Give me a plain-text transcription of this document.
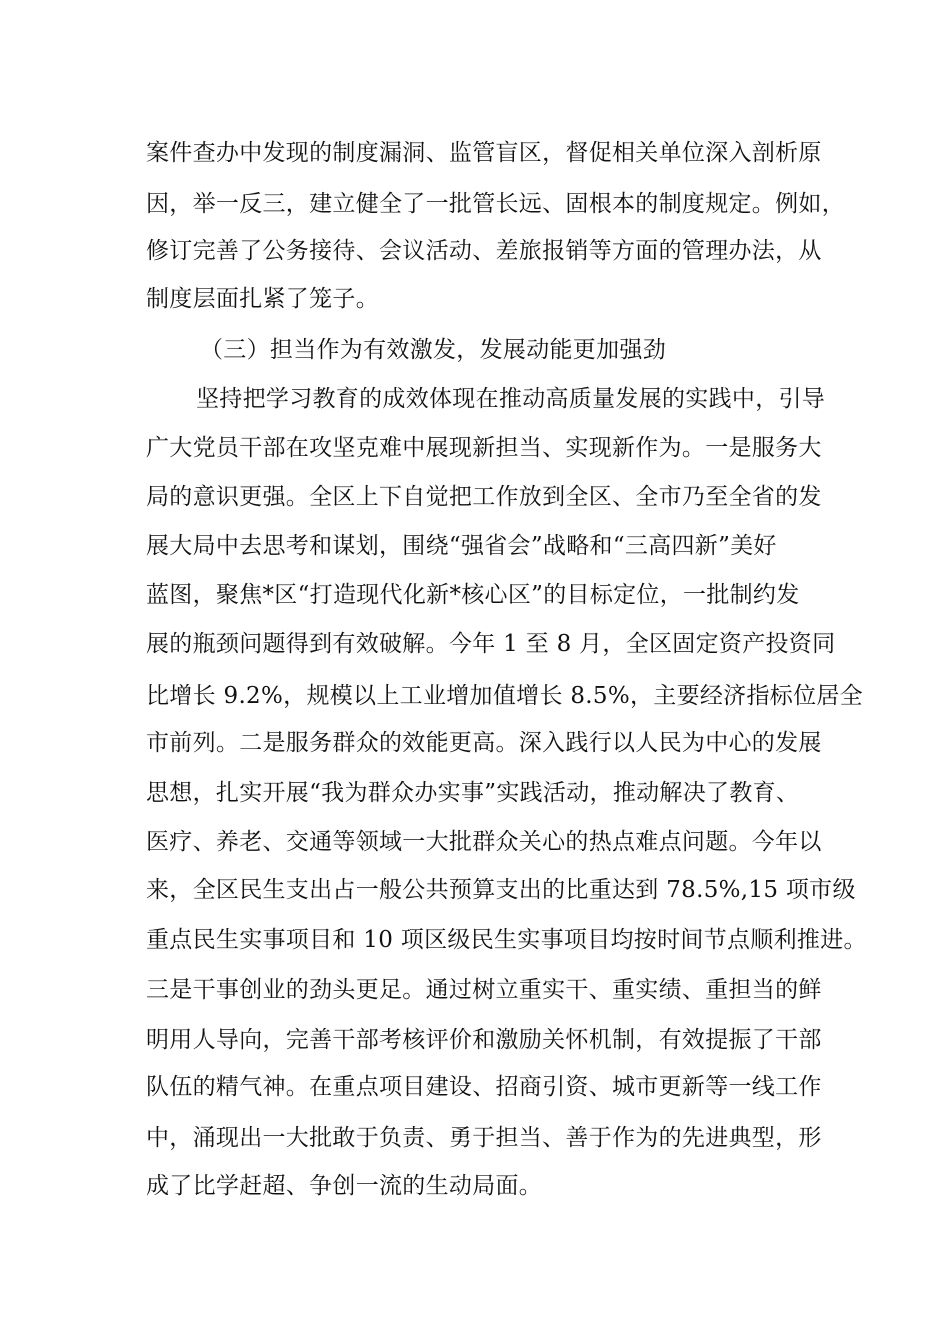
案件查办中发现的制度漏洞、监管盲区，督促相关单位深入剖析原
因，举一反三，建立健全了一批管长远、固根本的制度规定。例如，
修订完善了公务接待、会议活动、差旅报销等方面的管理办法，从
制度层面扎紧了笼子。
（三）担当作为有效激发，发展动能更加强劲
坚持把学习教育的成效体现在推动高质量发展的实践中，引导
广大党员干部在攻坚克难中展现新担当、实现新作为。一是服务大
局的意识更强。全区上下自觉把工作放到全区、全市乃至全省的发
展大局中去思考和谋划，围绕“强省会”战略和“三高四新”美好
蓝图，聚焦*区“打造现代化新*核心区”的目标定位，一批制约发
展的瓶颈问题得到有效破解。今年 1 至 8 月，全区固定资产投资同
比增长 9.2%，规模以上工业增加值增长 8.5%，主要经济指标位居全
市前列。二是服务群众的效能更高。深入践行以人民为中心的发展
思想，扎实开展“我为群众办实事”实践活动，推动解决了教育、
医疗、养老、交通等领域一大批群众关心的热点难点问题。今年以
来，全区民生支出占一般公共预算支出的比重达到 78.5%,15 项市级
重点民生实事项目和 10 项区级民生实事项目均按时间节点顺利推进。
三是干事创业的劲头更足。通过树立重实干、重实绩、重担当的鲜
明用人导向，完善干部考核评价和激励关怀机制，有效提振了干部
队伍的精气神。在重点项目建设、招商引资、城市更新等一线工作
中，涌现出一大批敢于负责、勇于担当、善于作为的先进典型，形
成了比学赶超、争创一流的生动局面。
